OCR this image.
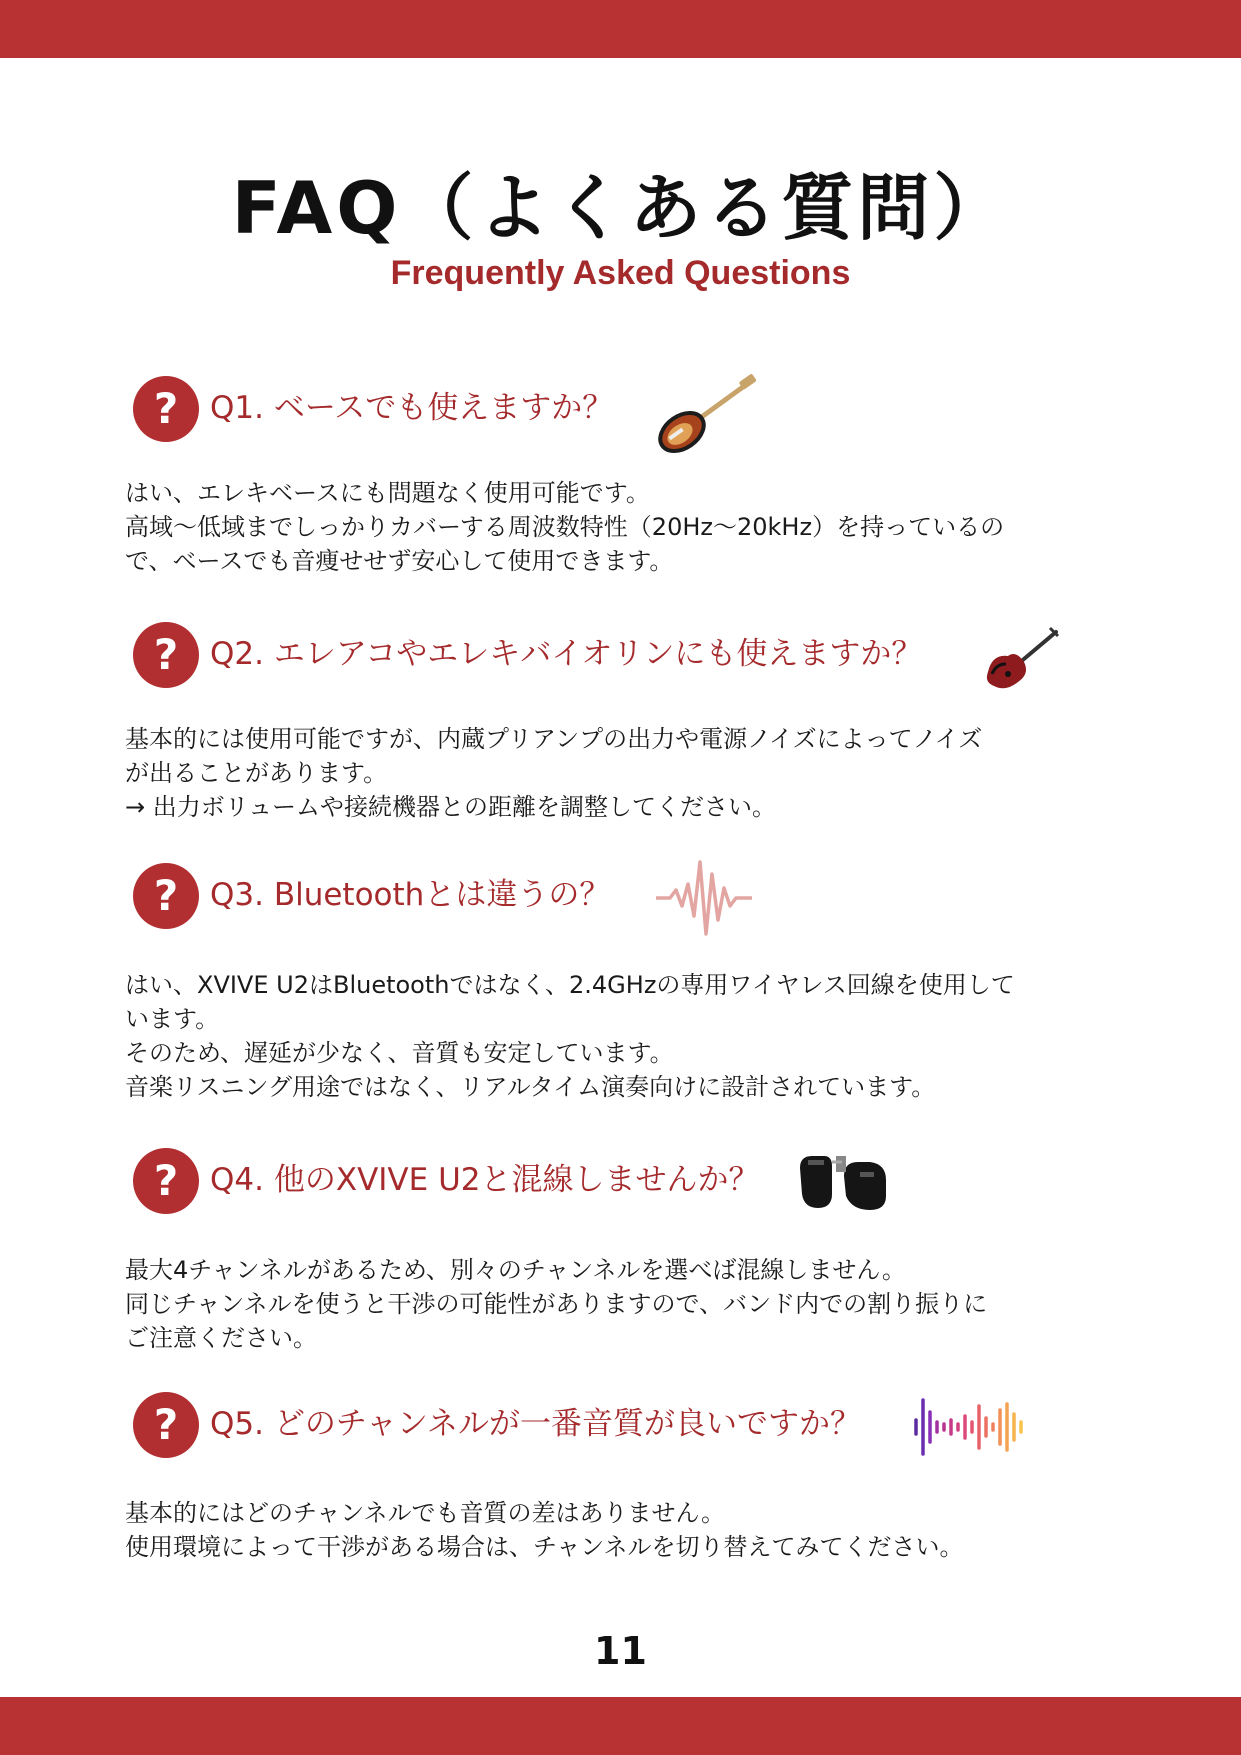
FAQ（よくある質問）
Frequently Asked Questions
?	Q1. ベースでも使えますか？
はい、エレキベースにも問題なく使用可能です。
高域〜低域までしっかりカバーする周波数特性（20Hz〜20kHz）を持っているの
で、ベースでも音痩せせず安心して使用できます。
?	Q2. エレアコやエレキバイオリンにも使えますか？
基本的には使用可能ですが、内蔵プリアンプの出力や電源ノイズによってノイズ
が出ることがあります。
→ 出力ボリュームや接続機器との距離を調整してください。
?	Q3. Bluetoothとは違うの？
はい、XVIVE U2はBluetoothではなく、2.4GHzの専用ワイヤレス回線を使用して
います。
そのため、遅延が少なく、音質も安定しています。
音楽リスニング用途ではなく、リアルタイム演奏向けに設計されています。
?	Q4. 他のXVIVE U2と混線しませんか？
最大4チャンネルがあるため、別々のチャンネルを選べば混線しません。
同じチャンネルを使うと干渉の可能性がありますので、バンド内での割り振りに
ご注意ください。
?	Q5. どのチャンネルが一番音質が良いですか？
基本的にはどのチャンネルでも音質の差はありません。
使用環境によって干渉がある場合は、チャンネルを切り替えてみてください。
11
